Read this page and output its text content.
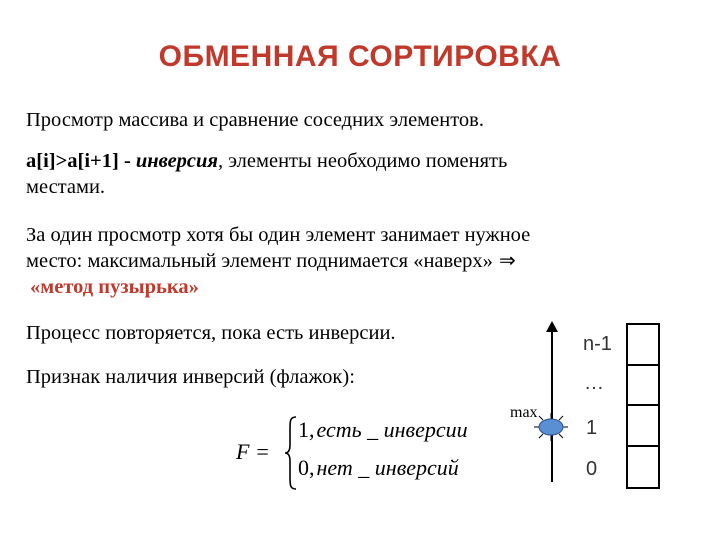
ОБМЕННАЯ СОРТИРОВКА
Просмотр массива и сравнение соседних элементов.
a[i]>a[i+1] - инверсия, элементы необходимо поменять
местами.
За один просмотр хотя бы один элемент занимает нужное
место: максимальный элемент поднимается «наверх» ⇒
«метод пузырька»
Процесс повторяется, пока есть инверсии.
Признак наличия инверсий (флажок):
F =
1,есть _ инверсии
0,нет _ инверсий
max
n-1
…
1
0
